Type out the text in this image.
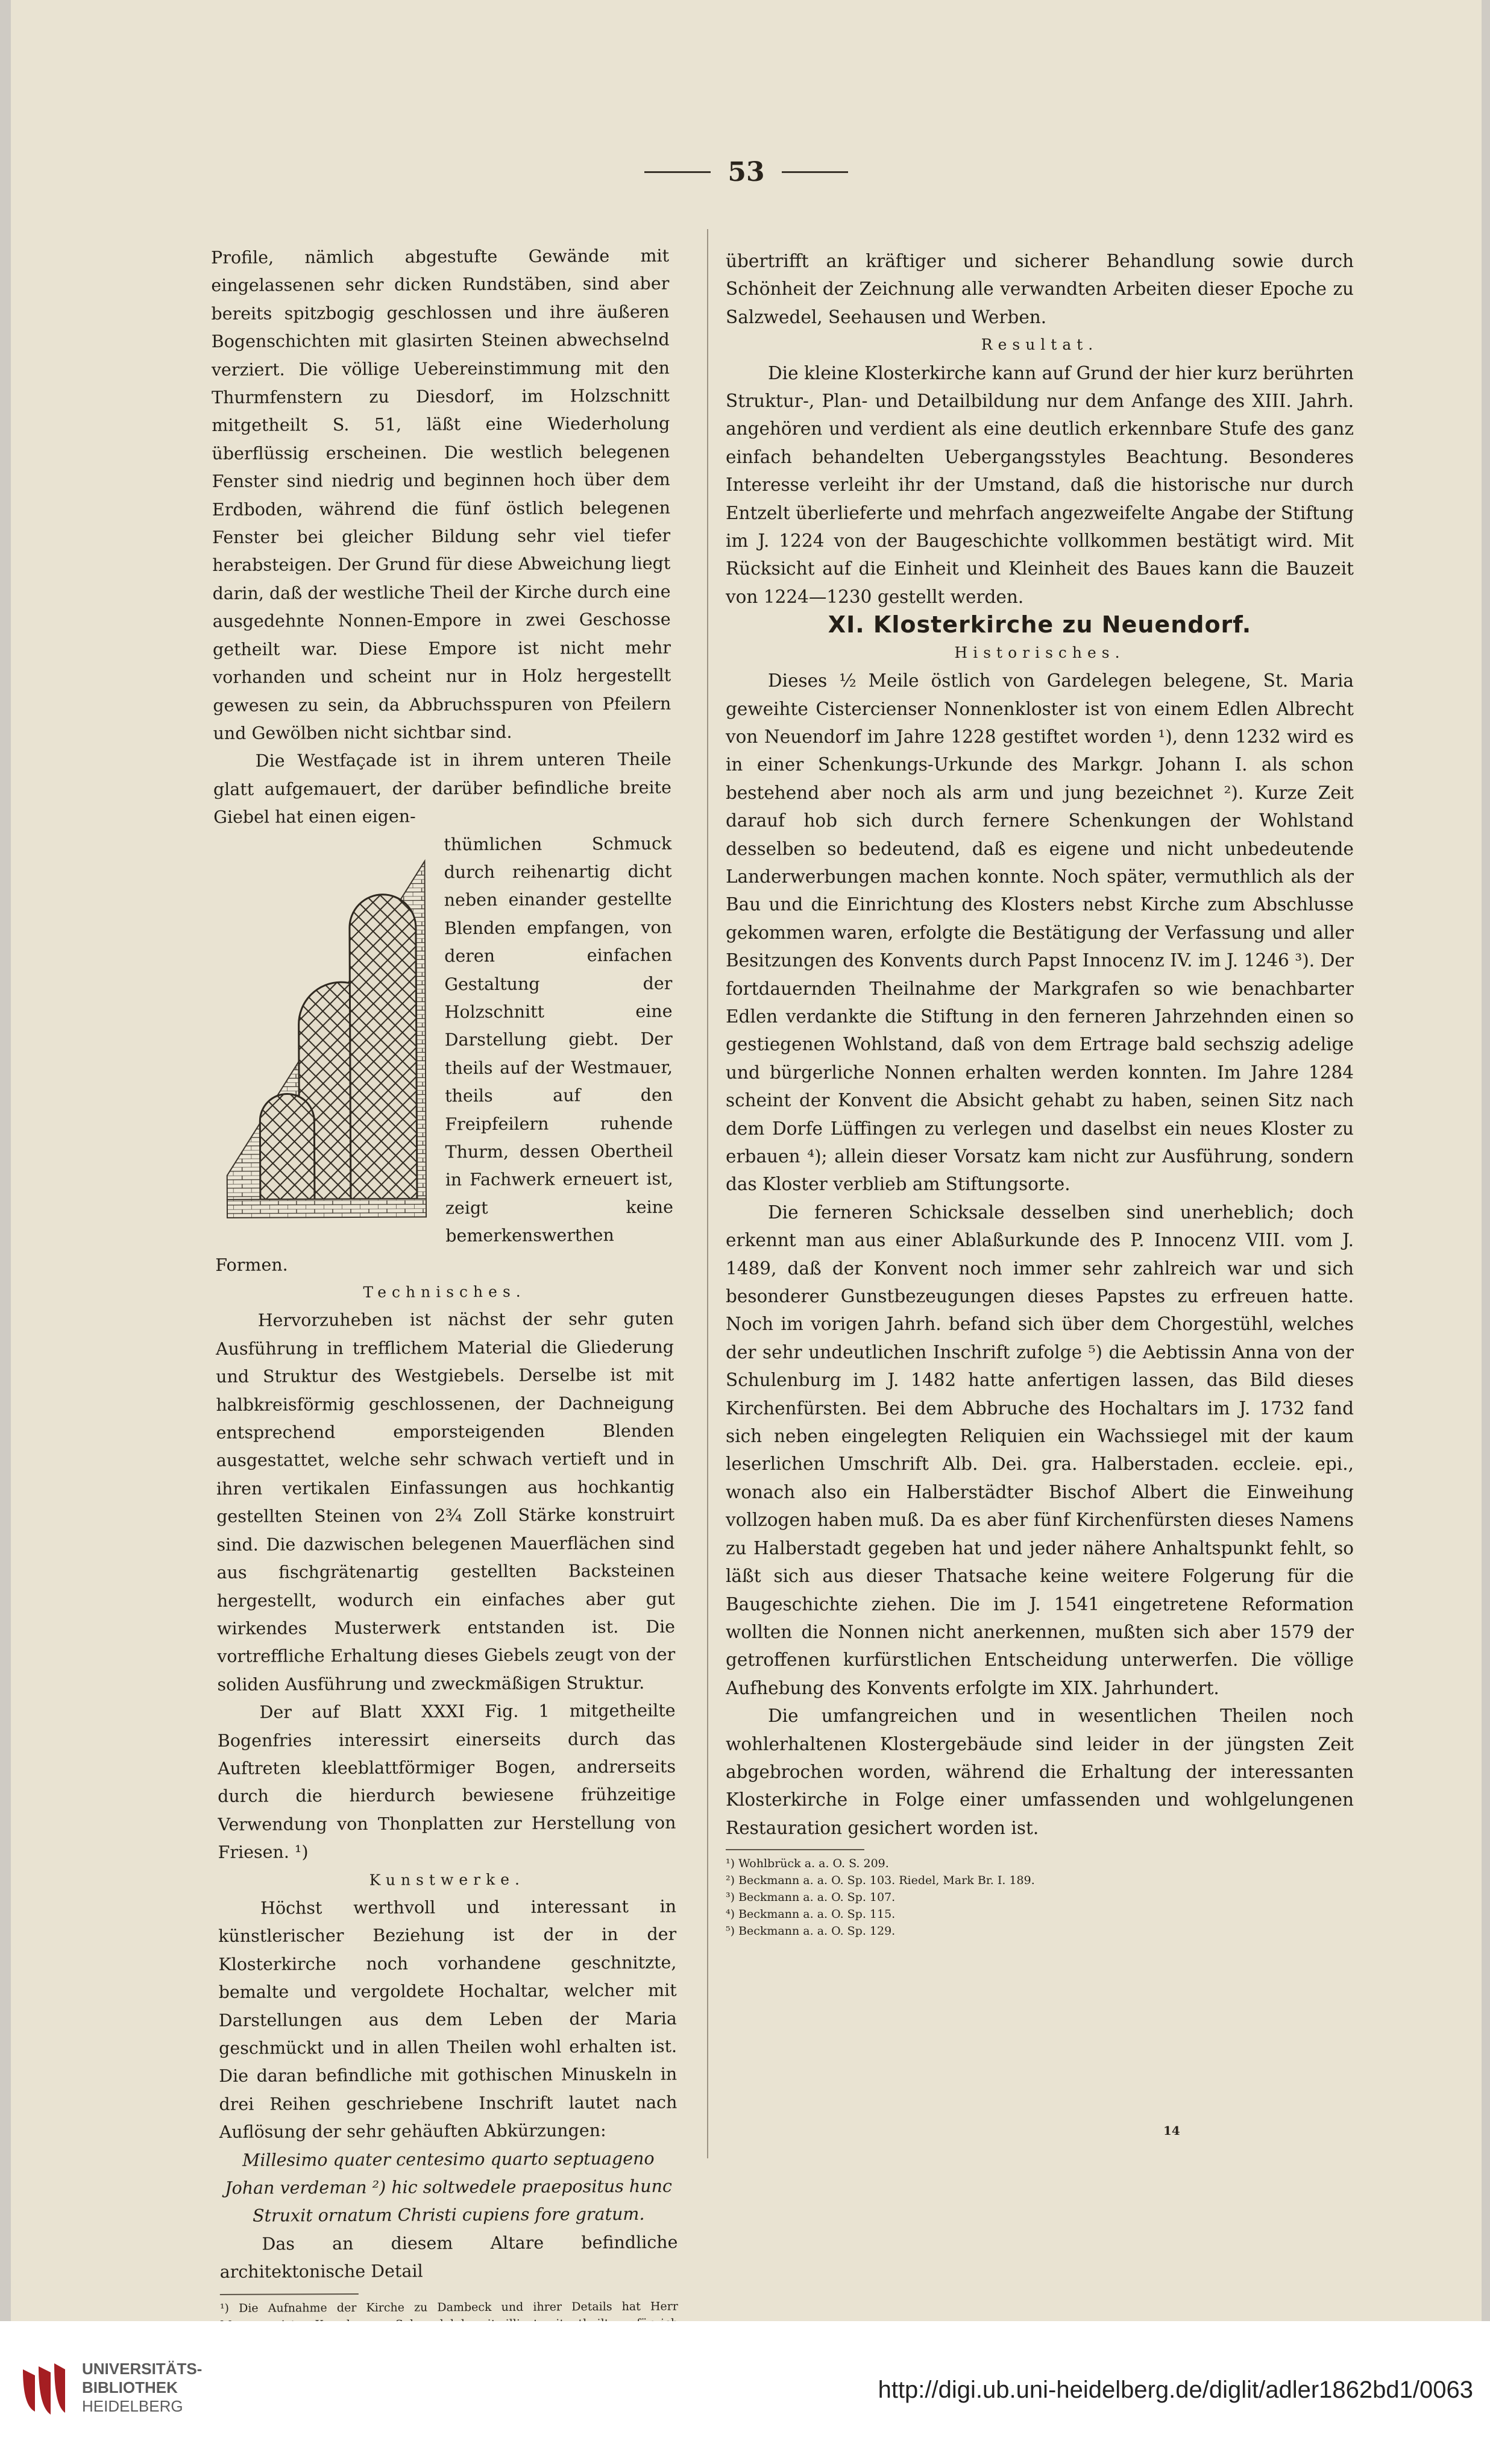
53

Profile, nämlich abgestufte Gewände mit eingelassenen sehr dicken Rundstäben, sind aber bereits spitzbogig geschlossen und ihre äußeren Bogenschichten mit glasirten Steinen abwechselnd verziert. Die völlige Uebereinstimmung mit den Thurmfenstern zu Diesdorf, im Holzschnitt mitgetheilt S. 51, läßt eine Wiederholung überflüssig erscheinen. Die westlich belegenen Fenster sind niedrig und beginnen hoch über dem Erdboden, während die fünf östlich belegenen Fenster bei gleicher Bildung sehr viel tiefer herabsteigen. Der Grund für diese Abweichung liegt darin, daß der westliche Theil der Kirche durch eine ausgedehnte Nonnen-Empore in zwei Geschosse getheilt war. Diese Empore ist nicht mehr vorhanden und scheint nur in Holz hergestellt gewesen zu sein, da Abbruchsspuren von Pfeilern und Gewölben nicht sichtbar sind.

Die Westfaçade ist in ihrem unteren Theile glatt aufgemauert, der darüber befindliche breite Giebel hat einen eigen-

thümlichen Schmuck durch reihenartig dicht neben einander gestellte Blenden empfangen, von deren einfachen Gestaltung der Holzschnitt eine Darstellung giebt. Der theils auf der Westmauer, theils auf den Freipfeilern ruhende Thurm, dessen Obertheil in Fachwerk erneuert ist, zeigt keine bemerkenswerthen Formen.

Technisches.

Hervorzuheben ist nächst der sehr guten Ausführung in trefflichem Material die Gliederung und Struktur des Westgiebels. Derselbe ist mit halbkreisförmig geschlossenen, der Dachneigung entsprechend emporsteigenden Blenden ausgestattet, welche sehr schwach vertieft und in ihren vertikalen Einfassungen aus hochkantig gestellten Steinen von 2¾ Zoll Stärke konstruirt sind. Die dazwischen belegenen Mauerflächen sind aus fischgrätenartig gestellten Backsteinen hergestellt, wodurch ein einfaches aber gut wirkendes Musterwerk entstanden ist. Die vortreffliche Erhaltung dieses Giebels zeugt von der soliden Ausführung und zweckmäßigen Struktur.

Der auf Blatt XXXI Fig. 1 mitgetheilte Bogenfries interessirt einerseits durch das Auftreten kleeblattförmiger Bogen, andrerseits durch die hierdurch bewiesene frühzeitige Verwendung von Thonplatten zur Herstellung von Friesen. ¹)

Kunstwerke.

Höchst werthvoll und interessant in künstlerischer Beziehung ist der in der Klosterkirche noch vorhandene geschnitzte, bemalte und vergoldete Hochaltar, welcher mit Darstellungen aus dem Leben der Maria geschmückt und in allen Theilen wohl erhalten ist. Die daran befindliche mit gothischen Minuskeln in drei Reihen geschriebene Inschrift lautet nach Auflösung der sehr gehäuften Abkürzungen:

Millesimo quater centesimo quarto septuageno

Johan verdeman ²) hic soltwedele praepositus hunc

Struxit ornatum Christi cupiens fore gratum.

Das an diesem Altare befindliche architektonische Detail

¹) Die Aufnahme der Kirche zu Dambeck und ihrer Details hat Herr

übertrifft an kräftiger und sicherer Behandlung sowie durch Schönheit der Zeichnung alle verwandten Arbeiten dieser Epoche zu Salzwedel, Seehausen und Werben.

Resultat.

Die kleine Klosterkirche kann auf Grund der hier kurz berührten Struktur-, Plan- und Detailbildung nur dem Anfange des XIII. Jahrh. angehören und verdient als eine deutlich erkennbare Stufe des ganz einfach behandelten Uebergangsstyles Beachtung. Besonderes Interesse verleiht ihr der Umstand, daß die historische nur durch Entzelt überlieferte und mehrfach angezweifelte Angabe der Stiftung im J. 1224 von der Baugeschichte vollkommen bestätigt wird. Mit Rücksicht auf die Einheit und Kleinheit des Baues kann die Bauzeit von 1224—1230 gestellt werden.

XI. Klosterkirche zu Neuendorf.

Historisches.

Dieses ½ Meile östlich von Gardelegen belegene, St. Maria geweihte Cistercienser Nonnenkloster ist von einem Edlen Albrecht von Neuendorf im Jahre 1228 gestiftet worden ¹), denn 1232 wird es in einer Schenkungs-Urkunde des Markgr. Johann I. als schon bestehend aber noch als arm und jung bezeichnet ²). Kurze Zeit darauf hob sich durch fernere Schenkungen der Wohlstand desselben so bedeutend, daß es eigene und nicht unbedeutende Landerwerbungen machen konnte. Noch später, vermuthlich als der Bau und die Einrichtung des Klosters nebst Kirche zum Abschlusse gekommen waren, erfolgte die Bestätigung der Verfassung und aller Besitzungen des Konvents durch Papst Innocenz IV. im J. 1246 ³). Der fortdauernden Theilnahme der Markgrafen so wie benachbarter Edlen verdankte die Stiftung in den ferneren Jahrzehnden einen so gestiegenen Wohlstand, daß von dem Ertrage bald sechszig adelige und bürgerliche Nonnen erhalten werden konnten. Im Jahre 1284 scheint der Konvent die Absicht gehabt zu haben, seinen Sitz nach dem Dorfe Lüffingen zu verlegen und daselbst ein neues Kloster zu erbauen ⁴); allein dieser Vorsatz kam nicht zur Ausführung, sondern das Kloster verblieb am Stiftungsorte.

Die ferneren Schicksale desselben sind unerheblich; doch erkennt man aus einer Ablaßurkunde des P. Innocenz VIII. vom J. 1489, daß der Konvent noch immer sehr zahlreich war und sich besonderer Gunstbezeugungen dieses Papstes zu erfreuen hatte. Noch im vorigen Jahrh. befand sich über dem Chorgestühl, welches der sehr undeutlichen Inschrift zufolge ⁵) die Aebtissin Anna von der Schulenburg im J. 1482 hatte anfertigen lassen, das Bild dieses Kirchenfürsten. Bei dem Abbruche des Hochaltars im J. 1732 fand sich neben eingelegten Reliquien ein Wachssiegel mit der kaum leserlichen Umschrift Alb. Dei. gra. Halberstaden. eccleie. epi., wonach also ein Halberstädter Bischof Albert die Einweihung vollzogen haben muß. Da es aber fünf Kirchenfürsten dieses Namens zu Halberstadt gegeben hat und jeder nähere Anhaltspunkt fehlt, so läßt sich aus dieser Thatsache keine weitere Folgerung für die Baugeschichte ziehen. Die im J. 1541 eingetretene Reformation wollten die Nonnen nicht anerkennen, mußten sich aber 1579 der getroffenen kurfürstlichen Entscheidung unterwerfen. Die völlige Aufhebung des Konvents erfolgte im XIX. Jahrhundert.

Die umfangreichen und in wesentlichen Theilen noch wohlerhaltenen Klostergebäude sind leider in der jüngsten Zeit abgebrochen worden, während die Erhaltung der interessanten Klosterkirche in Folge einer umfassenden und wohlgelungenen Restauration gesichert worden ist.

¹) Wohlbrück a. a. O. S. 209.

²) Beckmann a. a. O. Sp. 103. Riedel, Mark Br. I. 189.

³) Beckmann a. a. O. Sp. 107.

⁴) Beckmann a. a. O. Sp. 115.

⁵) Beckmann a. a. O. Sp. 129.

14
UNIVERSITÄTS-
BIBLIOTHEK
HEIDELBERG
http://digi.ub.uni-heidelberg.de/diglit/adler1862bd1/0063
